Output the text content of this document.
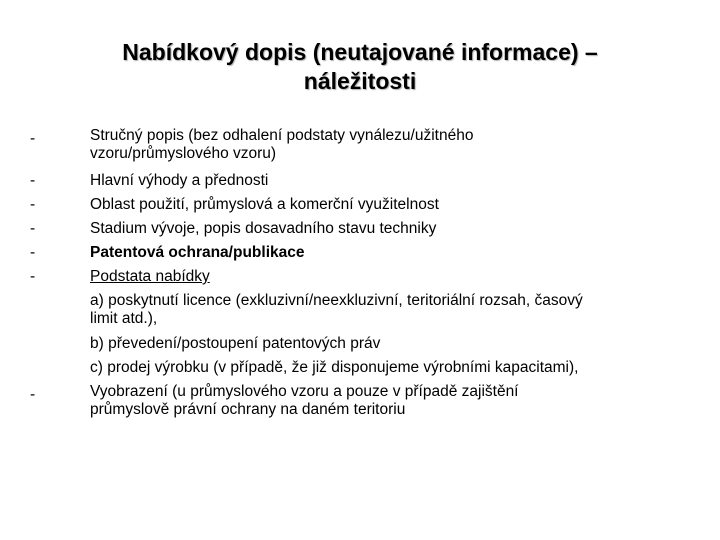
Nabídkový dopis (neutajované informace) –
náležitosti
-	Stručný popis (bez odhalení podstaty vynálezu/užitného
vzoru/průmyslového vzoru)
-	Hlavní výhody a přednosti
-	Oblast použití, průmyslová a komerční využitelnost
-	Stadium vývoje, popis dosavadního stavu techniky
-	Patentová ochrana/publikace
-	Podstata nabídky
a) poskytnutí licence (exkluzivní/neexkluzivní, teritoriální rozsah, časový
limit atd.),
b) převedení/postoupení patentových práv
c) prodej výrobku (v případě, že již disponujeme výrobními kapacitami),
-	Vyobrazení (u průmyslového vzoru a pouze v případě zajištění
průmyslově právní ochrany na daném teritoriu
